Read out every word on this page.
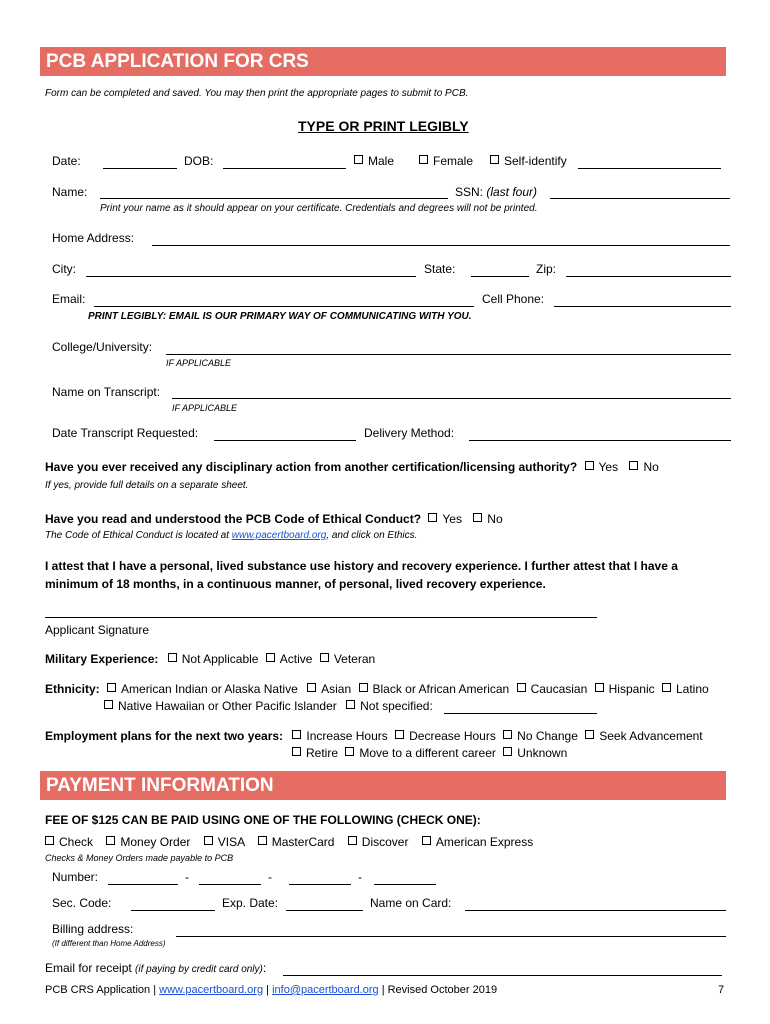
PCB APPLICATION FOR CRS
Form can be completed and saved. You may then print the appropriate pages to submit to PCB.
TYPE OR PRINT LEGIBLY
Date:	DOB:	Male	Female	Self-identify
Name:	SSN: (last four)
Print your name as it should appear on your certificate. Credentials and degrees will not be printed.
Home Address:
City:	State:	Zip:
Email:	Cell Phone:
PRINT LEGIBLY: EMAIL IS OUR PRIMARY WAY OF COMMUNICATING WITH YOU.
College/University:
IF APPLICABLE
Name on Transcript:
IF APPLICABLE
Date Transcript Requested:	Delivery Method:
Have you ever received any disciplinary action from another certification/licensing authority? Yes No
If yes, provide full details on a separate sheet.
Have you read and understood the PCB Code of Ethical Conduct? Yes No
The Code of Ethical Conduct is located at www.pacertboard.org, and click on Ethics.
I attest that I have a personal, lived substance use history and recovery experience. I further attest that I have a
minimum of 18 months, in a continuous manner, of personal, lived recovery experience.
Applicant Signature
Military Experience: Not Applicable Active Veteran
Ethnicity: American Indian or Alaska Native Asian Black or African American Caucasian Hispanic Latino
Native Hawaiian or Other Pacific Islander Not specified:
Employment plans for the next two years: Increase Hours Decrease Hours No Change Seek Advancement
Retire Move to a different career Unknown
PAYMENT INFORMATION
FEE OF $125 CAN BE PAID USING ONE OF THE FOLLOWING (CHECK ONE):
Check Money Order VISA MasterCard Discover American Express
Checks & Money Orders made payable to PCB
Number:	-	-	-
Sec. Code:	Exp. Date:	Name on Card:
Billing address:
(If different than Home Address)
Email for receipt (if paying by credit card only):
PCB CRS Application | www.pacertboard.org | info@pacertboard.org | Revised October 2019	7
